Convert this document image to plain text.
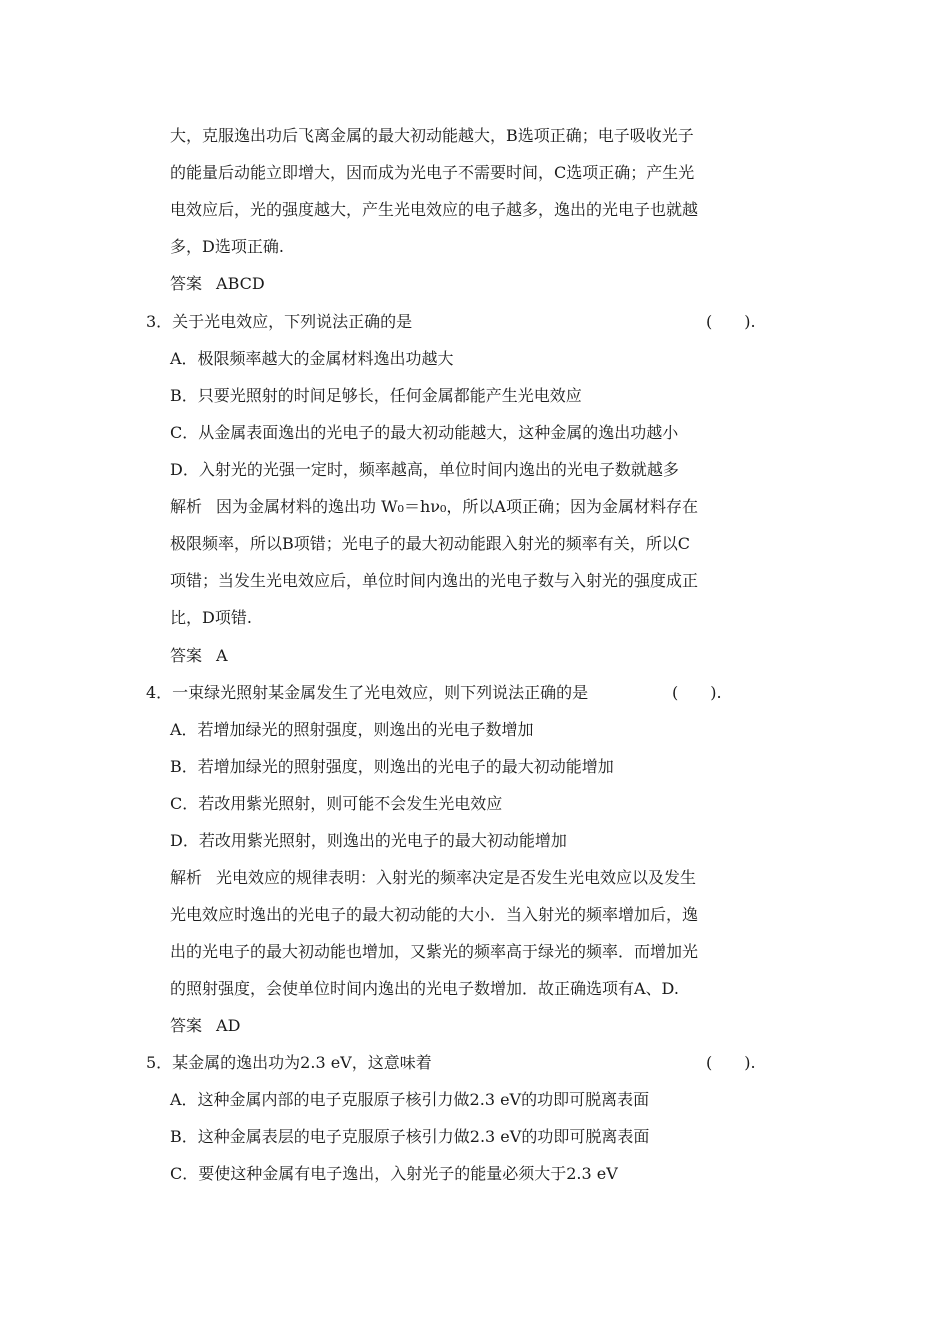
大，克服逸出功后飞离金属的最大初动能越大，B选项正确；电子吸收光子
的能量后动能立即增大，因而成为光电子不需要时间，C选项正确；产生光
电效应后，光的强度越大，产生光电效应的电子越多，逸出的光电子也就越
多，D选项正确.
答案 ABCD
3．关于光电效应，下列说法正确的是	(　　).
A．极限频率越大的金属材料逸出功越大
B．只要光照射的时间足够长，任何金属都能产生光电效应
C．从金属表面逸出的光电子的最大初动能越大，这种金属的逸出功越小
D．入射光的光强一定时，频率越高，单位时间内逸出的光电子数就越多
解析 因为金属材料的逸出功 W₀＝hν₀，所以A项正确；因为金属材料存在
极限频率，所以B项错；光电子的最大初动能跟入射光的频率有关，所以C
项错；当发生光电效应后，单位时间内逸出的光电子数与入射光的强度成正
比，D项错.
答案 A
4．一束绿光照射某金属发生了光电效应，则下列说法正确的是	(　　).
A．若增加绿光的照射强度，则逸出的光电子数增加
B．若增加绿光的照射强度，则逸出的光电子的最大初动能增加
C．若改用紫光照射，则可能不会发生光电效应
D．若改用紫光照射，则逸出的光电子的最大初动能增加
解析 光电效应的规律表明：入射光的频率决定是否发生光电效应以及发生
光电效应时逸出的光电子的最大初动能的大小．当入射光的频率增加后，逸
出的光电子的最大初动能也增加，又紫光的频率高于绿光的频率．而增加光
的照射强度，会使单位时间内逸出的光电子数增加．故正确选项有A、D.
答案 AD
5．某金属的逸出功为2.3 eV，这意味着	(　　).
A．这种金属内部的电子克服原子核引力做2.3 eV的功即可脱离表面
B．这种金属表层的电子克服原子核引力做2.3 eV的功即可脱离表面
C．要使这种金属有电子逸出，入射光子的能量必须大于2.3 eV
